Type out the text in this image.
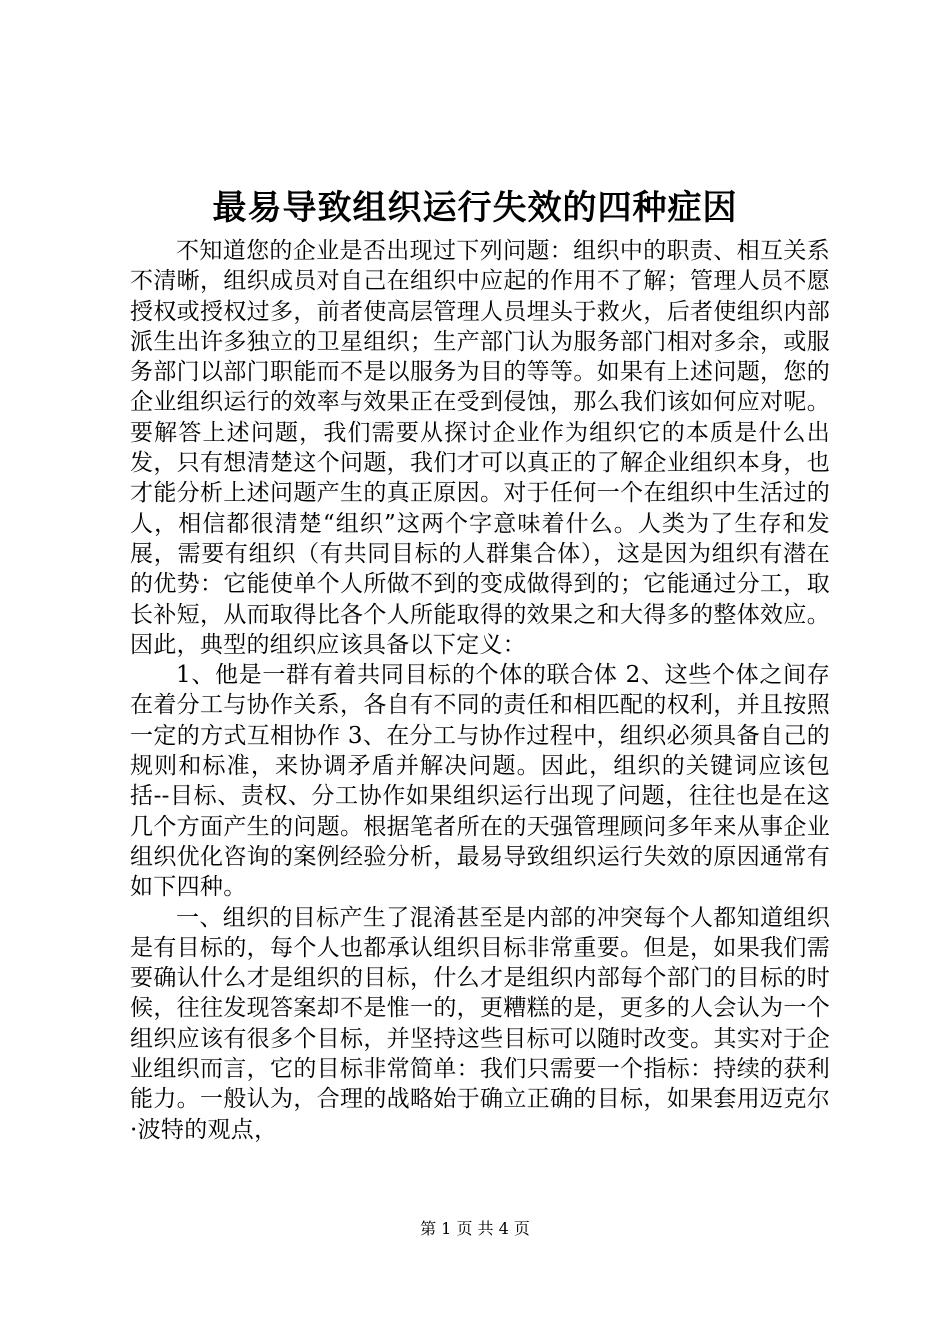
最易导致组织运行失效的四种症因

不知道您的企业是否出现过下列问题：组织中的职责、相互关系不清晰，组织成员对自己在组织中应起的作用不了解；管理人员不愿授权或授权过多，前者使高层管理人员埋头于救火，后者使组织内部派生出许多独立的卫星组织；生产部门认为服务部门相对多余，或服务部门以部门职能而不是以服务为目的等等。如果有上述问题，您的企业组织运行的效率与效果正在受到侵蚀，那么我们该如何应对呢。要解答上述问题，我们需要从探讨企业作为组织它的本质是什么出发，只有想清楚这个问题，我们才可以真正的了解企业组织本身，也才能分析上述问题产生的真正原因。对于任何一个在组织中生活过的人，相信都很清楚“组织”这两个字意味着什么。人类为了生存和发展，需要有组织（有共同目标的人群集合体），这是因为组织有潜在的优势：它能使单个人所做不到的变成做得到的；它能通过分工，取长补短，从而取得比各个人所能取得的效果之和大得多的整体效应。因此，典型的组织应该具备以下定义：

1、他是一群有着共同目标的个体的联合体 2、这些个体之间存在着分工与协作关系，各自有不同的责任和相匹配的权利，并且按照一定的方式互相协作 3、在分工与协作过程中，组织必须具备自己的规则和标准，来协调矛盾并解决问题。因此，组织的关键词应该包括--目标、责权、分工协作如果组织运行出现了问题，往往也是在这几个方面产生的问题。根据笔者所在的天强管理顾问多年来从事企业组织优化咨询的案例经验分析，最易导致组织运行失效的原因通常有如下四种。

一、组织的目标产生了混淆甚至是内部的冲突每个人都知道组织是有目标的，每个人也都承认组织目标非常重要。但是，如果我们需要确认什么才是组织的目标，什么才是组织内部每个部门的目标的时候，往往发现答案却不是惟一的，更糟糕的是，更多的人会认为一个组织应该有很多个目标，并坚持这些目标可以随时改变。其实对于企业组织而言，它的目标非常简单：我们只需要一个指标：持续的获利能力。一般认为，合理的战略始于确立正确的目标，如果套用迈克尔·波特的观点，

第 1 页 共 4 页
